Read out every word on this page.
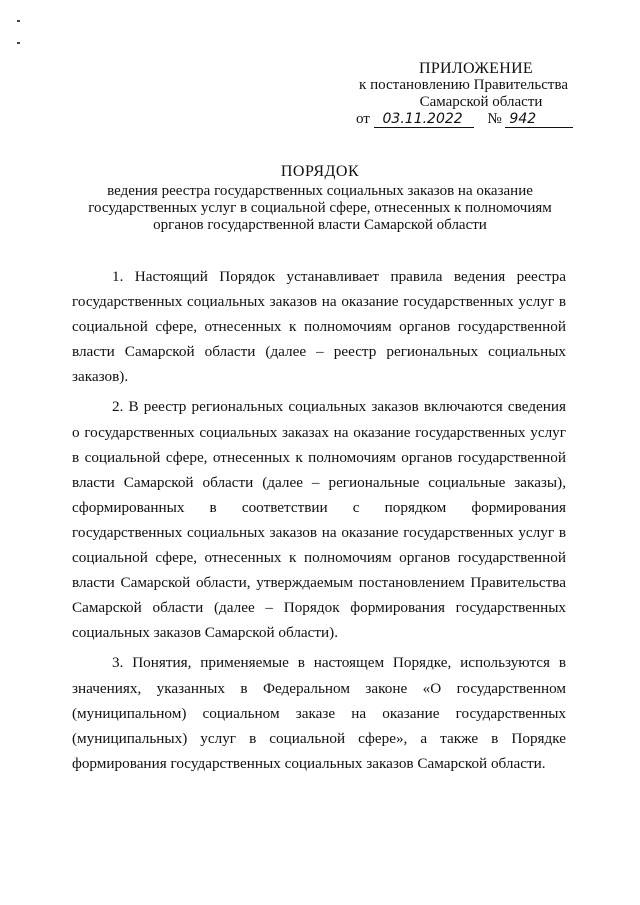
ПРИЛОЖЕНИЕ
к постановлению Правительства
Самарской области
от 03.11.2022 № 942
ПОРЯДОК
ведения реестра государственных социальных заказов на оказание государственных услуг в социальной сфере, отнесенных к полномочиям органов государственной власти Самарской области

1. Настоящий Порядок устанавливает правила ведения реестра государственных социальных заказов на оказание государственных услуг в социальной сфере, отнесенных к полномочиям органов государственной власти Самарской области (далее – реестр региональных социальных заказов).

2. В реестр региональных социальных заказов включаются сведения о государственных социальных заказах на оказание государственных услуг в социальной сфере, отнесенных к полномочиям органов государственной власти Самарской области (далее – региональные социальные заказы), сформированных в соответствии с порядком формирования государственных социальных заказов на оказание государственных услуг в социальной сфере, отнесенных к полномочиям органов государственной власти Самарской области, утверждаемым постановлением Правительства Самарской области (далее – Порядок формирования государственных социальных заказов Самарской области).

3. Понятия, применяемые в настоящем Порядке, используются в значениях, указанных в Федеральном законе «О государственном (муниципальном) социальном заказе на оказание государственных (муниципальных) услуг в социальной сфере», а также в Порядке формирования государственных социальных заказов Самарской области.
